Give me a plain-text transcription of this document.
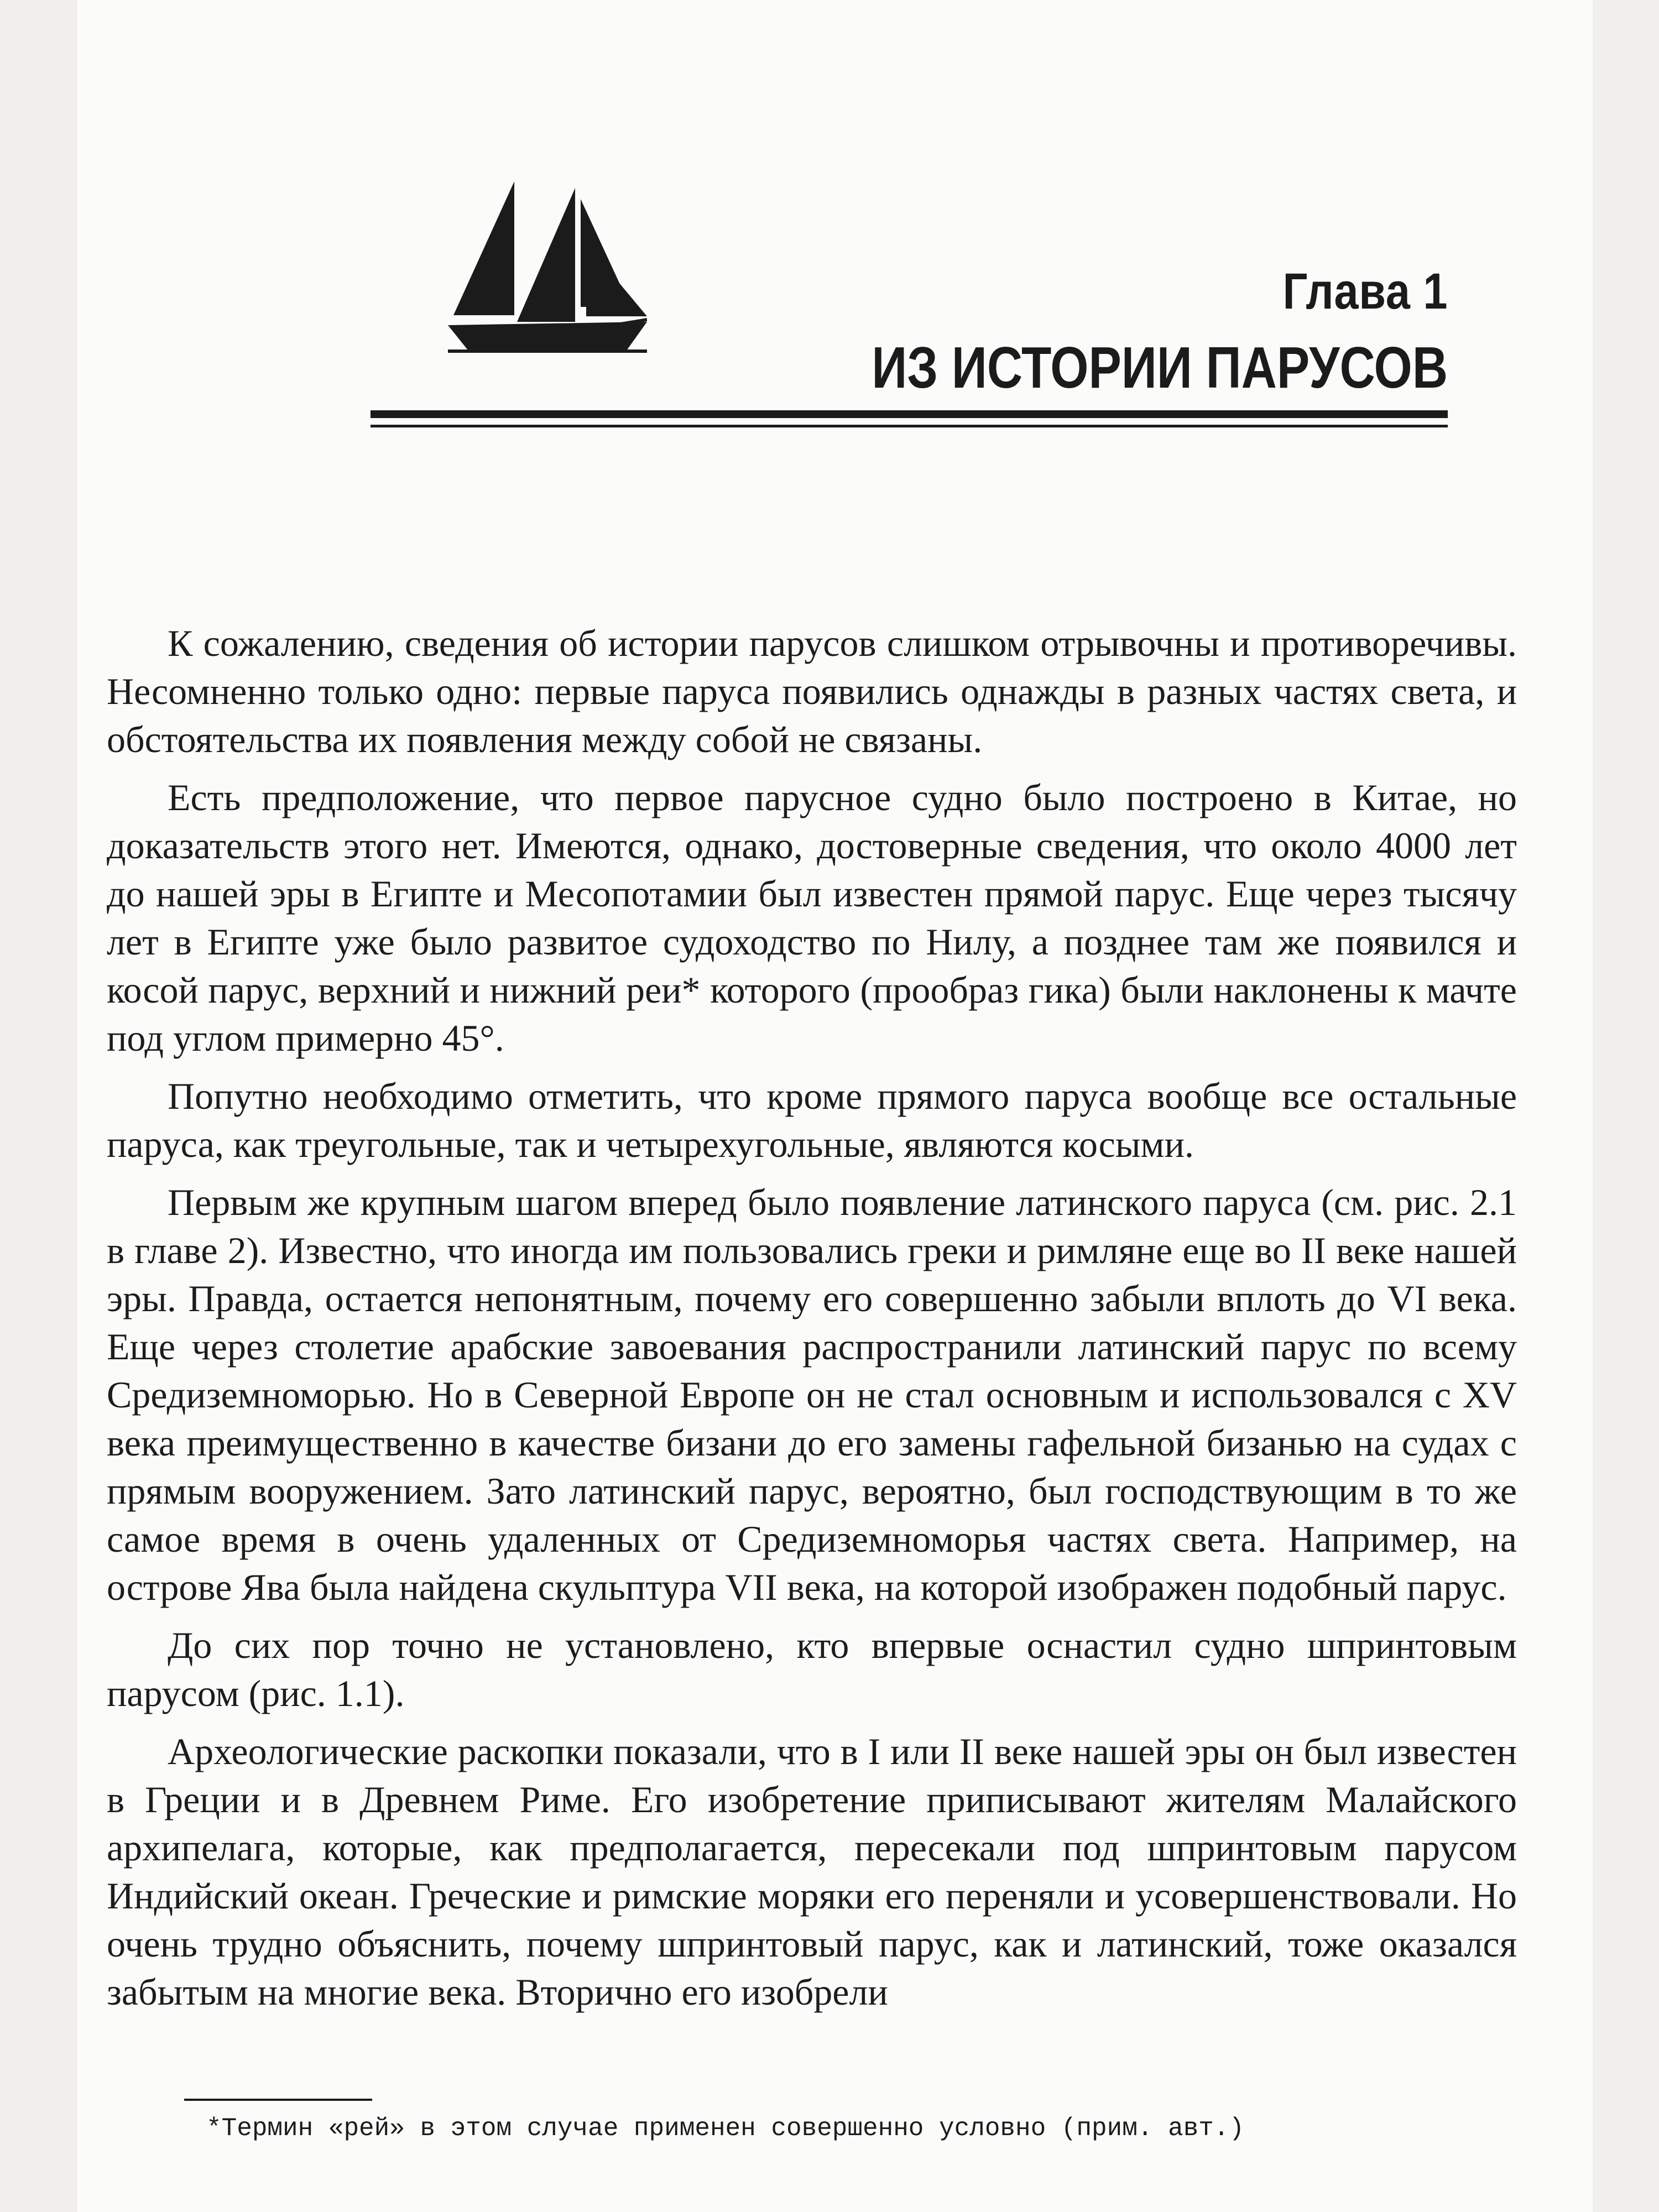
Глава 1
ИЗ ИСТОРИИ ПАРУСОВ

К сожалению, сведения об истории парусов слишком отрывочны и противоречивы. Несомненно только одно: первые паруса появились однажды в разных частях света, и обстоятельства их появления между собой не связаны.

Есть предположение, что первое парусное судно было построено в Китае, но доказательств этого нет. Имеются, однако, достоверные сведения, что около 4000 лет до нашей эры в Египте и Месопотамии был известен прямой парус. Еще через тысячу лет в Египте уже было развитое судоходство по Нилу, а позднее там же появился и косой парус, верхний и нижний реи* которого (прообраз гика) были наклонены к мачте под углом примерно 45°.

Попутно необходимо отметить, что кроме прямого паруса вообще все остальные паруса, как треугольные, так и четырехугольные, являются косыми.

Первым же крупным шагом вперед было появление латинского паруса (см. рис. 2.1 в главе 2). Известно, что иногда им пользовались греки и римляне еще во II веке нашей эры. Правда, остается непонятным, почему его совершенно забыли вплоть до VI века. Еще через столетие арабские завоевания распространили латинский парус по всему Средиземноморью. Но в Северной Европе он не стал основным и использовался с XV века преимущественно в качестве бизани до его замены гафельной бизанью на судах с прямым вооружением. Зато латинский парус, вероятно, был господствующим в то же самое время в очень удаленных от Средиземноморья частях света. Например, на острове Ява была найдена скульптура VII века, на которой изображен подобный парус.

До сих пор точно не установлено, кто впервые оснастил судно шпринтовым парусом (рис. 1.1).

Археологические раскопки показали, что в I или II веке нашей эры он был известен в Греции и в Древнем Риме. Его изобретение приписывают жителям Малайского архипелага, которые, как предполагается, пересекали под шпринтовым парусом Индийский океан. Греческие и римские моряки его переняли и усовершенствовали. Но очень трудно объяснить, почему шпринтовый парус, как и латинский, тоже оказался забытым на многие века. Вторично его изобрели

*Термин «рей» в этом случае применен совершенно условно (прим. авт.)
